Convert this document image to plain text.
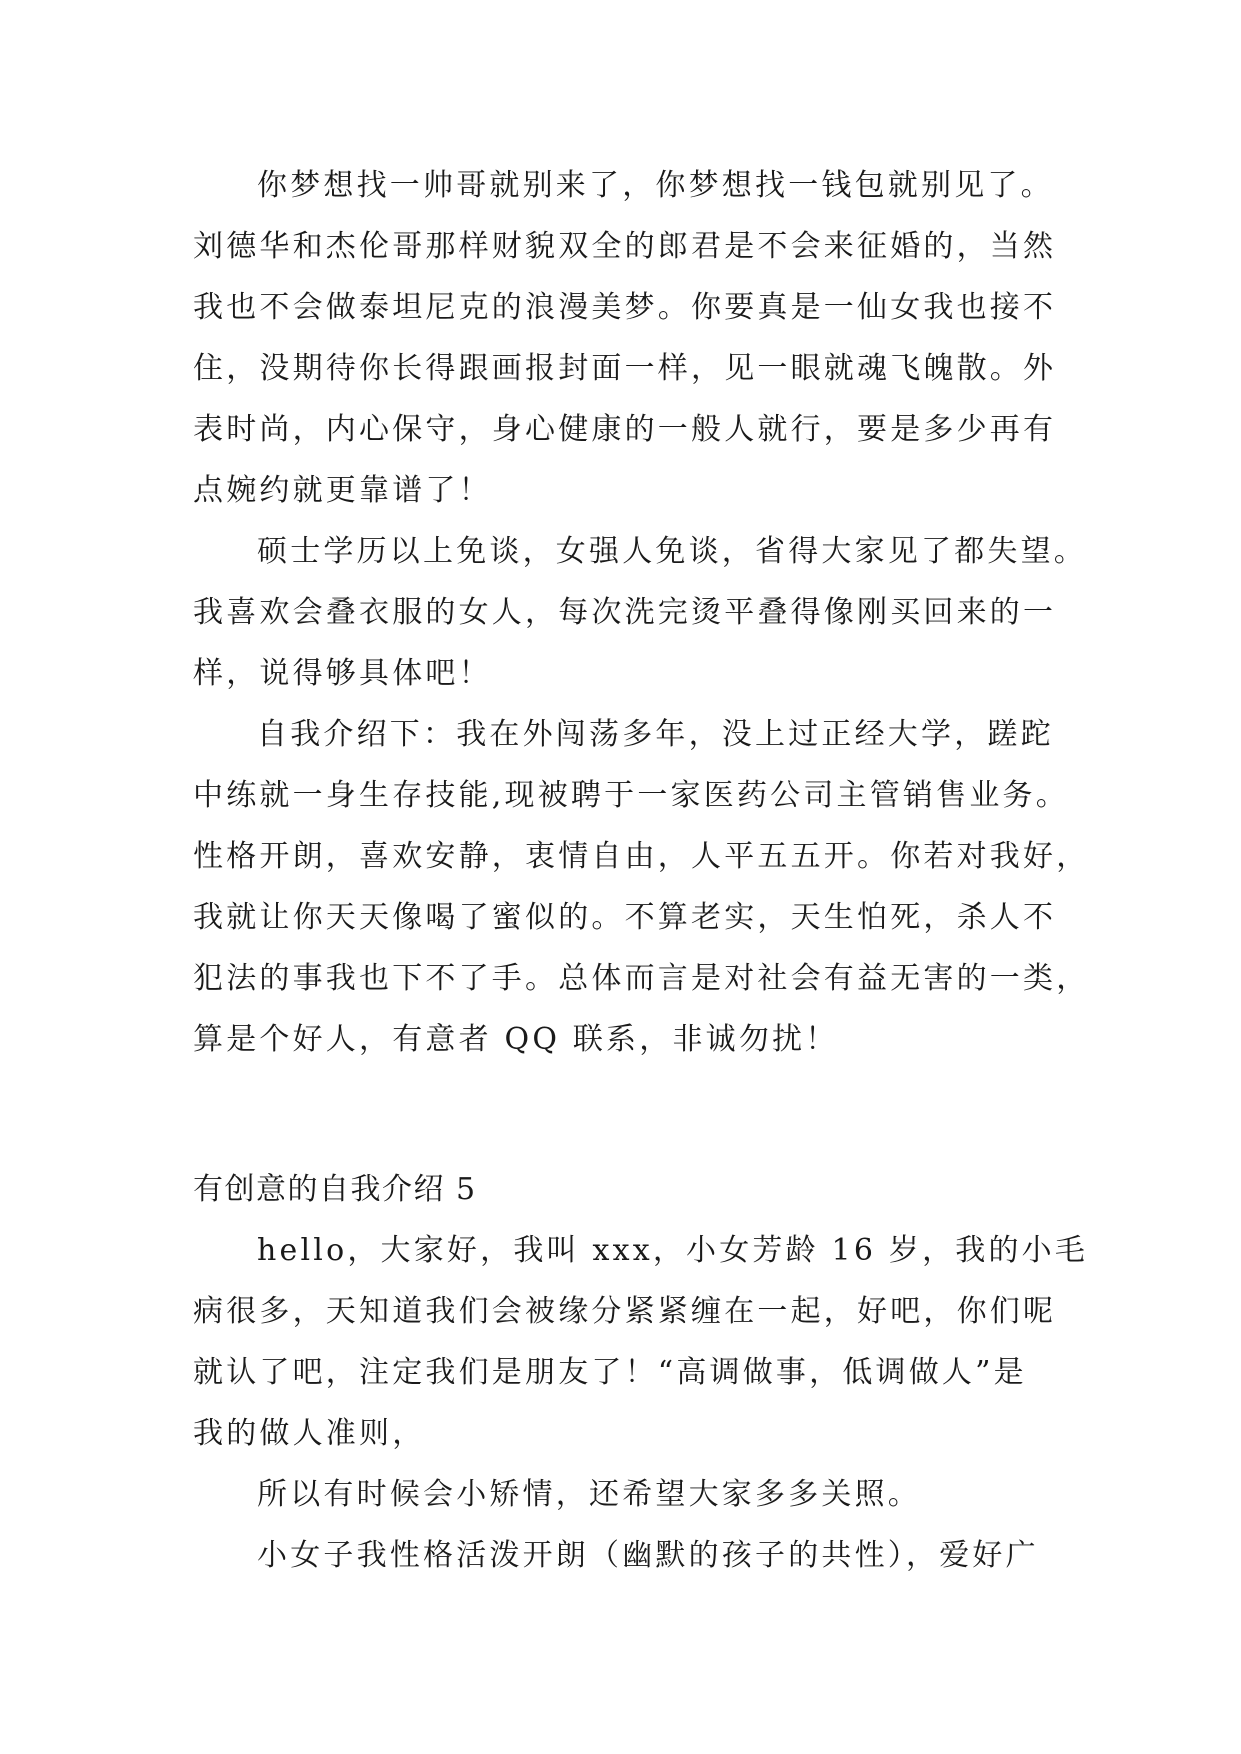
你梦想找一帅哥就别来了，你梦想找一钱包就别见了。
刘德华和杰伦哥那样财貌双全的郎君是不会来征婚的，当然
我也不会做泰坦尼克的浪漫美梦。你要真是一仙女我也接不
住，没期待你长得跟画报封面一样，见一眼就魂飞魄散。外
表时尚，内心保守，身心健康的一般人就行，要是多少再有
点婉约就更靠谱了！
硕士学历以上免谈，女强人免谈，省得大家见了都失望。
我喜欢会叠衣服的女人，每次洗完烫平叠得像刚买回来的一
样，说得够具体吧！
自我介绍下：我在外闯荡多年，没上过正经大学，蹉跎
中练就一身生存技能,现被聘于一家医药公司主管销售业务。
性格开朗，喜欢安静，衷情自由，人平五五开。你若对我好，
我就让你天天像喝了蜜似的。不算老实，天生怕死，杀人不
犯法的事我也下不了手。总体而言是对社会有益无害的一类，
算是个好人，有意者 QQ 联系，非诚勿扰！
有创意的自我介绍 5
hello，大家好，我叫 xxx，小女芳龄 16 岁，我的小毛
病很多，天知道我们会被缘分紧紧缠在一起，好吧，你们呢
就认了吧，注定我们是朋友了！“高调做事，低调做人”是
我的做人准则，
所以有时候会小矫情，还希望大家多多关照。
小女子我性格活泼开朗（幽默的孩子的共性），爱好广
